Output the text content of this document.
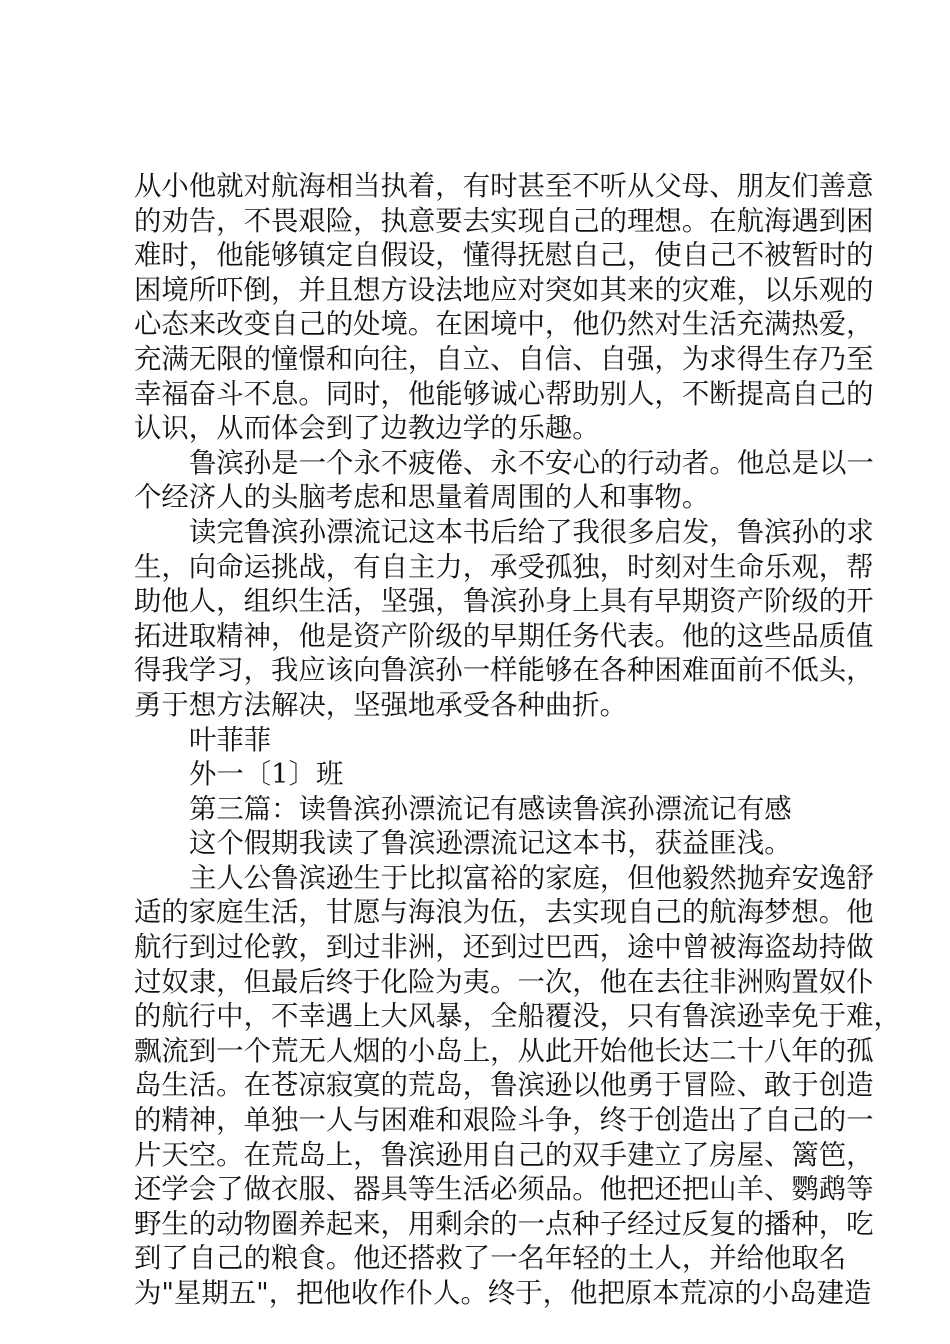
从小他就对航海相当执着，有时甚至不听从父母、朋友们善意
的劝告，不畏艰险，执意要去实现自己的理想。在航海遇到困
难时，他能够镇定自假设，懂得抚慰自己，使自己不被暂时的
困境所吓倒，并且想方设法地应对突如其来的灾难，以乐观的
心态来改变自己的处境。在困境中，他仍然对生活充满热爱，
充满无限的憧憬和向往，自立、自信、自强，为求得生存乃至
幸福奋斗不息。同时，他能够诚心帮助别人，不断提高自己的
认识，从而体会到了边教边学的乐趣。
鲁滨孙是一个永不疲倦、永不安心的行动者。他总是以一
个经济人的头脑考虑和思量着周围的人和事物。
读完鲁滨孙漂流记这本书后给了我很多启发，鲁滨孙的求
生，向命运挑战，有自主力，承受孤独，时刻对生命乐观，帮
助他人，组织生活，坚强，鲁滨孙身上具有早期资产阶级的开
拓进取精神，他是资产阶级的早期任务代表。他的这些品质值
得我学习，我应该向鲁滨孙一样能够在各种困难面前不低头，
勇于想方法解决，坚强地承受各种曲折。
叶菲菲
外一〔1〕班
第三篇：读鲁滨孙漂流记有感读鲁滨孙漂流记有感
这个假期我读了鲁滨逊漂流记这本书，获益匪浅。
主人公鲁滨逊生于比拟富裕的家庭，但他毅然抛弃安逸舒
适的家庭生活，甘愿与海浪为伍，去实现自己的航海梦想。他
航行到过伦敦，到过非洲，还到过巴西，途中曾被海盗劫持做
过奴隶，但最后终于化险为夷。一次，他在去往非洲购置奴仆
的航行中，不幸遇上大风暴，全船覆没，只有鲁滨逊幸免于难，
飘流到一个荒无人烟的小岛上，从此开始他长达二十八年的孤
岛生活。在苍凉寂寞的荒岛，鲁滨逊以他勇于冒险、敢于创造
的精神，单独一人与困难和艰险斗争，终于创造出了自己的一
片天空。在荒岛上，鲁滨逊用自己的双手建立了房屋、篱笆，
还学会了做衣服、器具等生活必须品。他把还把山羊、鹦鹉等
野生的动物圈养起来，用剩余的一点种子经过反复的播种，吃
到了自己的粮食。他还搭救了一名年轻的土人，并给他取名
为"星期五"，把他收作仆人。终于，他把原本荒凉的小岛建造
